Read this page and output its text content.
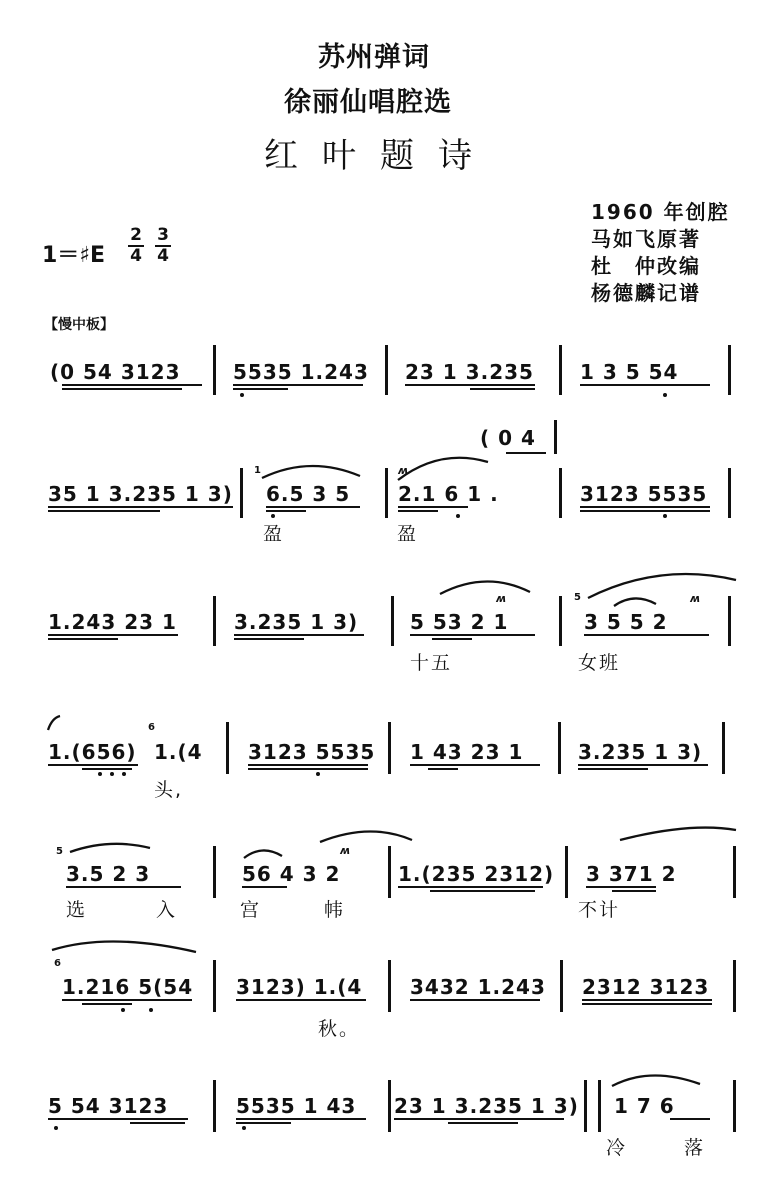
苏州弹词
徐丽仙唱腔选
红叶题诗
1960 年创腔
马如飞原著
杜　仲改编
杨德麟记谱
1＝♯E
2

4
3

4
【慢中板】
(0 54 3123	5535 1.243 23 1 3.235 1 3 5 54
( 0 4
35 1 3.235 1 3)
1
6.5 3 5
ʍ
2.1 6 1 .	3123 5535
盈	盈
1.243 23 1	3.235 1 3)
ʍ
5 53 2 1
5	ʍ
3 5 5 2
十五	女班
1.(656)
6
1.(4 3123 5535 1 43 23 1	3.235 1 3)
头,
5
3.5 2 3
ʍ
56 4 3 2	1.(235 2312) 3 371 2
选	入	宫	帏	不计
6
1.216 5(54 3123) 1.(4 3432 1.243 2312 3123
秋。
5 54 3123	5535 1 43 23 1 3.235 1 3) 1 7 6
冷	落
